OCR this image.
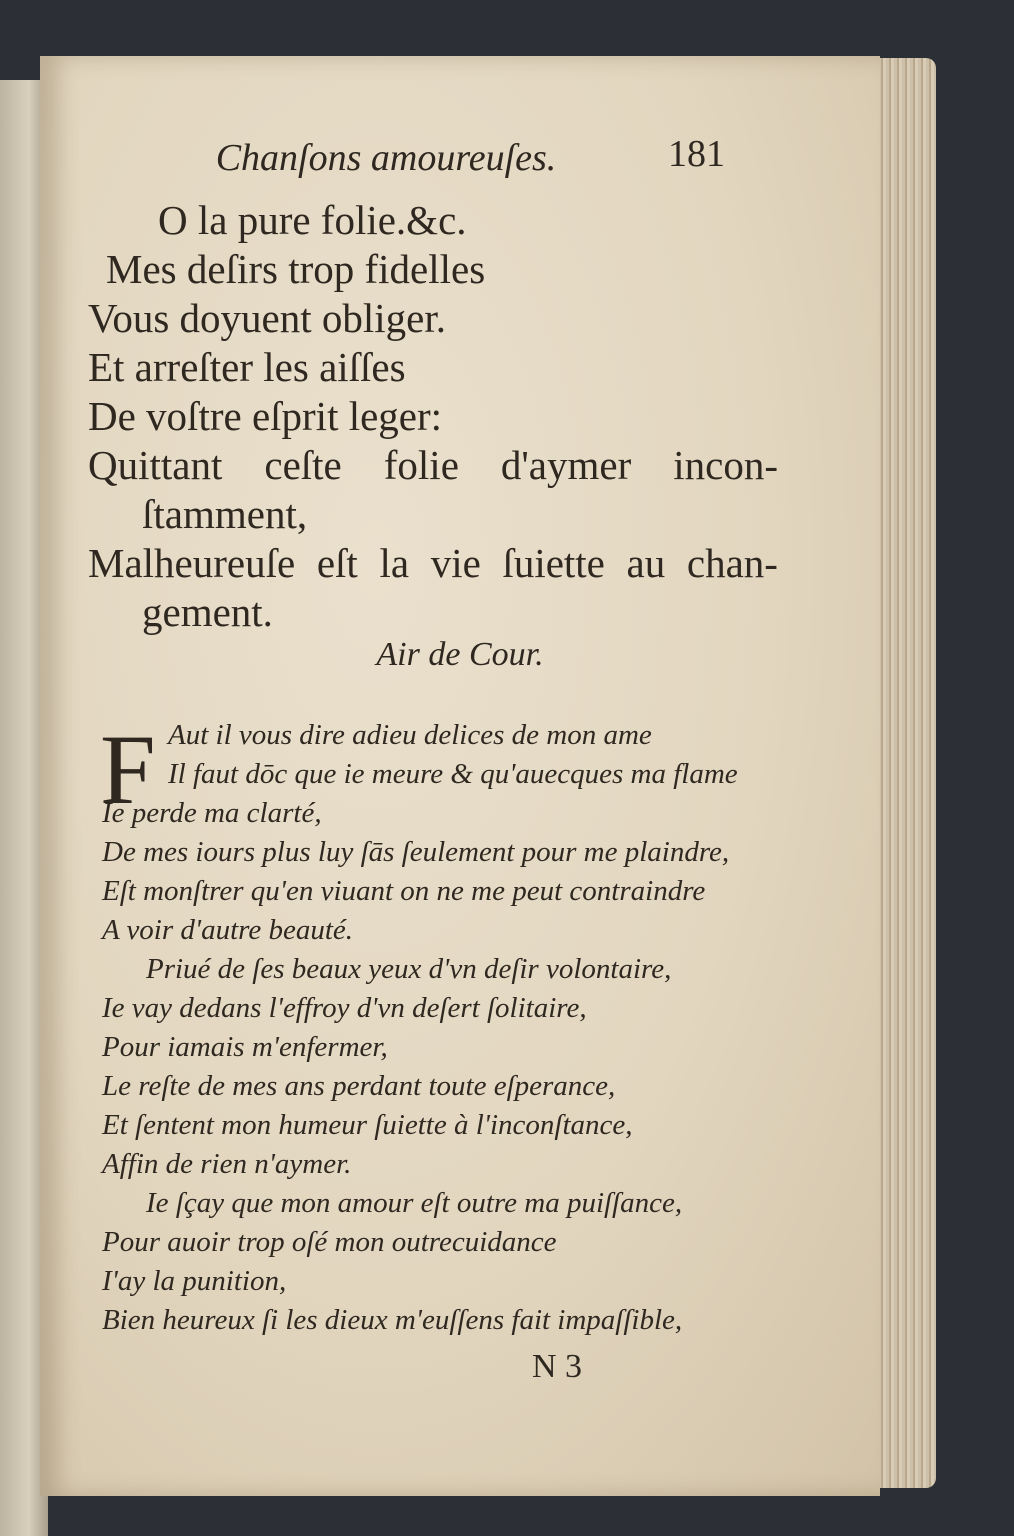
Chanſons amoureuſes.	181
O la pure folie.&c.
Mes deſirs trop fidelles
Vous doyuent obliger.
Et arreſter les aiſſes
De voſtre eſprit leger:
Quittant ceſte folie d'aymer incon-
ſtamment,
Malheureuſe eſt la vie ſuiette au chan-
gement.
Air de Cour.
F Aut il vous dire adieu delices de mon ame
Il faut dōc que ie meure & qu'auecques ma flame
Ie perde ma clarté,
De mes iours plus luy ſās ſeulement pour me plaindre,
Eſt monſtrer qu'en viuant on ne me peut contraindre
A voir d'autre beauté.
Priué de ſes beaux yeux d'vn deſir volontaire,
Ie vay dedans l'effroy d'vn deſert ſolitaire,
Pour iamais m'enfermer,
Le reſte de mes ans perdant toute eſperance,
Et ſentent mon humeur ſuiette à l'inconſtance,
Affin de rien n'aymer.
Ie ſçay que mon amour eſt outre ma puiſſance,
Pour auoir trop oſé mon outrecuidance
I'ay la punition,
Bien heureux ſi les dieux m'euſſens fait impaſſible,
N 3
